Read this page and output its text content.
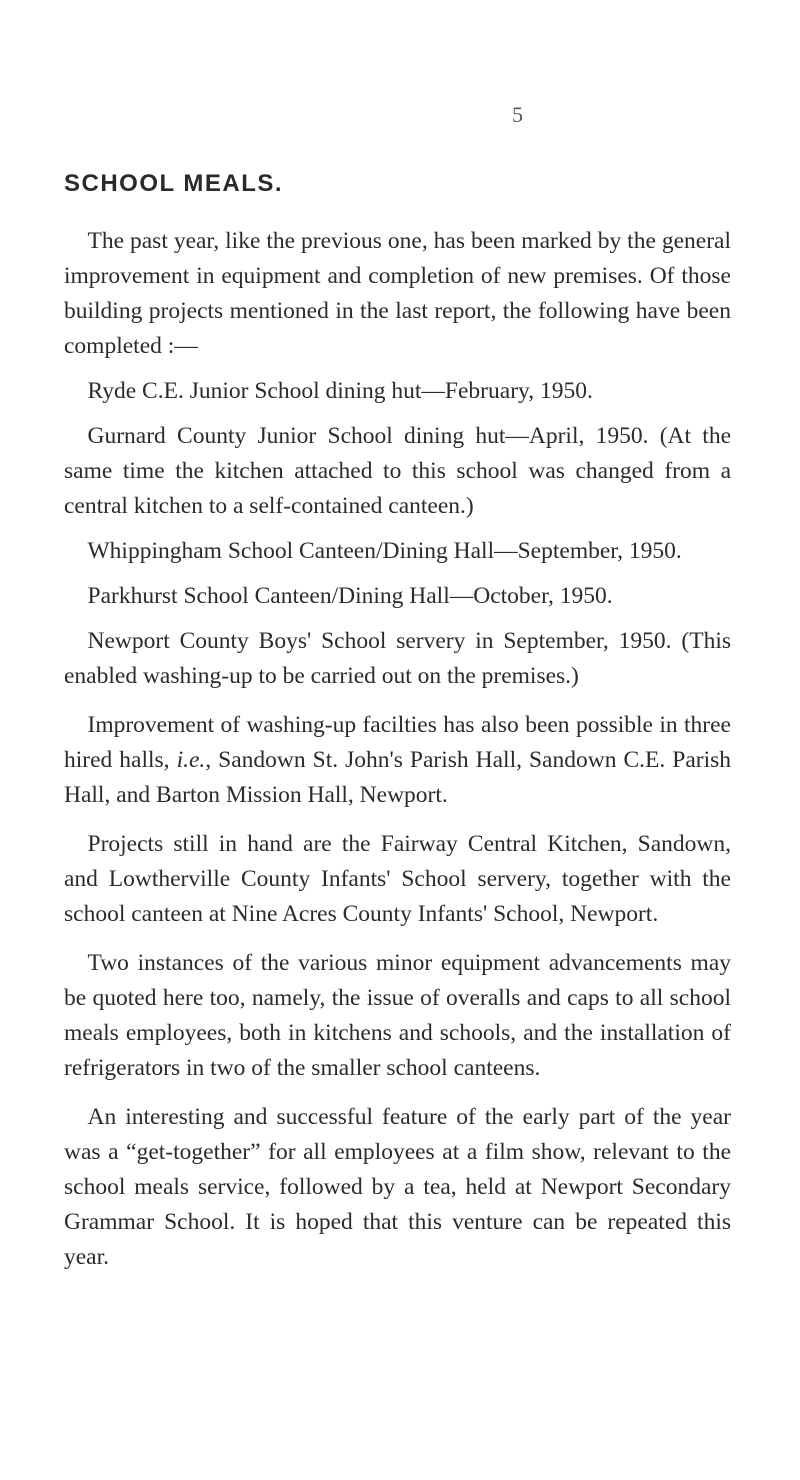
5
SCHOOL MEALS.

The past year, like the previous one, has been marked by the general improvement in equipment and completion of new premises. Of those building projects mentioned in the last report, the following have been completed :—

Ryde C.E. Junior School dining hut—February, 1950.

Gurnard County Junior School dining hut—April, 1950. (At the same time the kitchen attached to this school was changed from a central kitchen to a self-contained canteen.)

Whippingham School Canteen/Dining Hall—September, 1950.

Parkhurst School Canteen/Dining Hall—October, 1950.

Newport County Boys' School servery in September, 1950. (This enabled washing-up to be carried out on the premises.)

Improvement of washing-up facilties has also been possible in three hired halls, i.e., Sandown St. John's Parish Hall, Sandown C.E. Parish Hall, and Barton Mission Hall, Newport.

Projects still in hand are the Fairway Central Kitchen, Sandown, and Lowtherville County Infants' School servery, together with the school canteen at Nine Acres County Infants' School, Newport.

Two instances of the various minor equipment advancements may be quoted here too, namely, the issue of overalls and caps to all school meals employees, both in kitchens and schools, and the installation of refrigerators in two of the smaller school canteens.

An interesting and successful feature of the early part of the year was a “get-together” for all employees at a film show, relevant to the school meals service, followed by a tea, held at Newport Secondary Grammar School. It is hoped that this venture can be repeated this year.
